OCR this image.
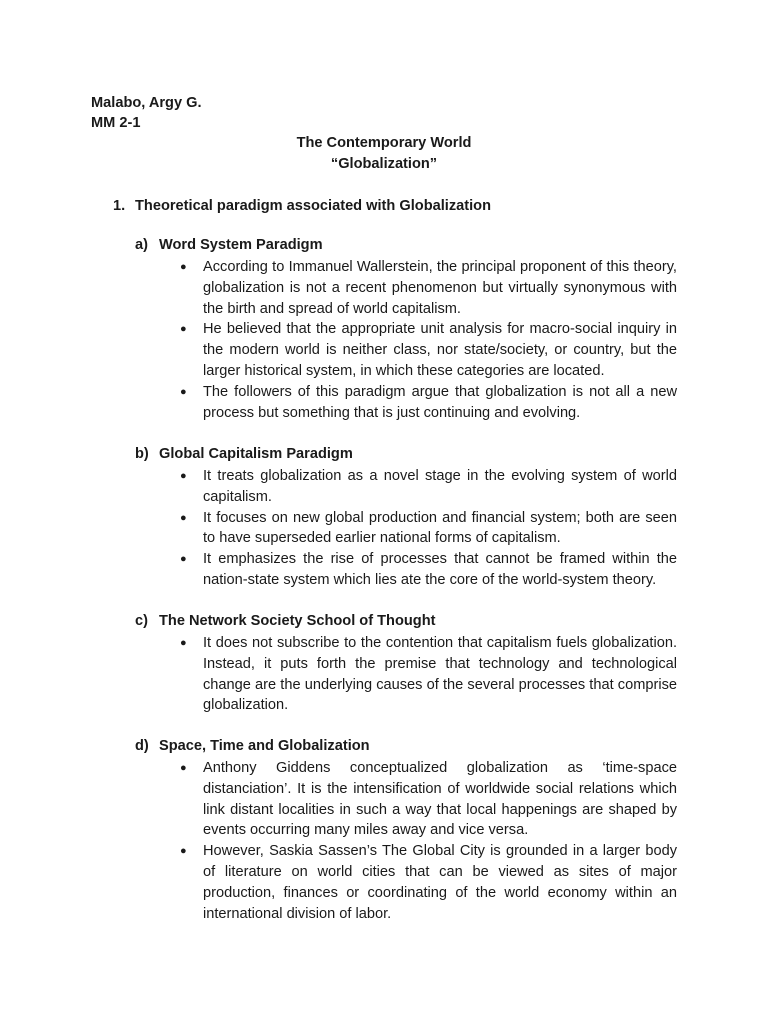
Malabo, Argy G.
MM 2-1
The Contemporary World
“Globalization”
1. Theoretical paradigm associated with Globalization
a) Word System Paradigm
● According to Immanuel Wallerstein, the principal proponent of this theory, globalization is not a recent phenomenon but virtually synonymous with the birth and spread of world capitalism.
● He believed that the appropriate unit analysis for macro-social inquiry in the modern world is neither class, nor state/society, or country, but the larger historical system, in which these categories are located.
● The followers of this paradigm argue that globalization is not all a new process but something that is just continuing and evolving.
b) Global Capitalism Paradigm
● It treats globalization as a novel stage in the evolving system of world capitalism.
● It focuses on new global production and financial system; both are seen to have superseded earlier national forms of capitalism.
● It emphasizes the rise of processes that cannot be framed within the nation-state system which lies ate the core of the world-system theory.
c) The Network Society School of Thought
● It does not subscribe to the contention that capitalism fuels globalization. Instead, it puts forth the premise that technology and technological change are the underlying causes of the several processes that comprise globalization.
d) Space, Time and Globalization
● Anthony Giddens conceptualized globalization as ‘time-space distanciation’. It is the intensification of worldwide social relations which link distant localities in such a way that local happenings are shaped by events occurring many miles away and vice versa.
● However, Saskia Sassen’s The Global City is grounded in a larger body of literature on world cities that can be viewed as sites of major production, finances or coordinating of the world economy within an international division of labor.
